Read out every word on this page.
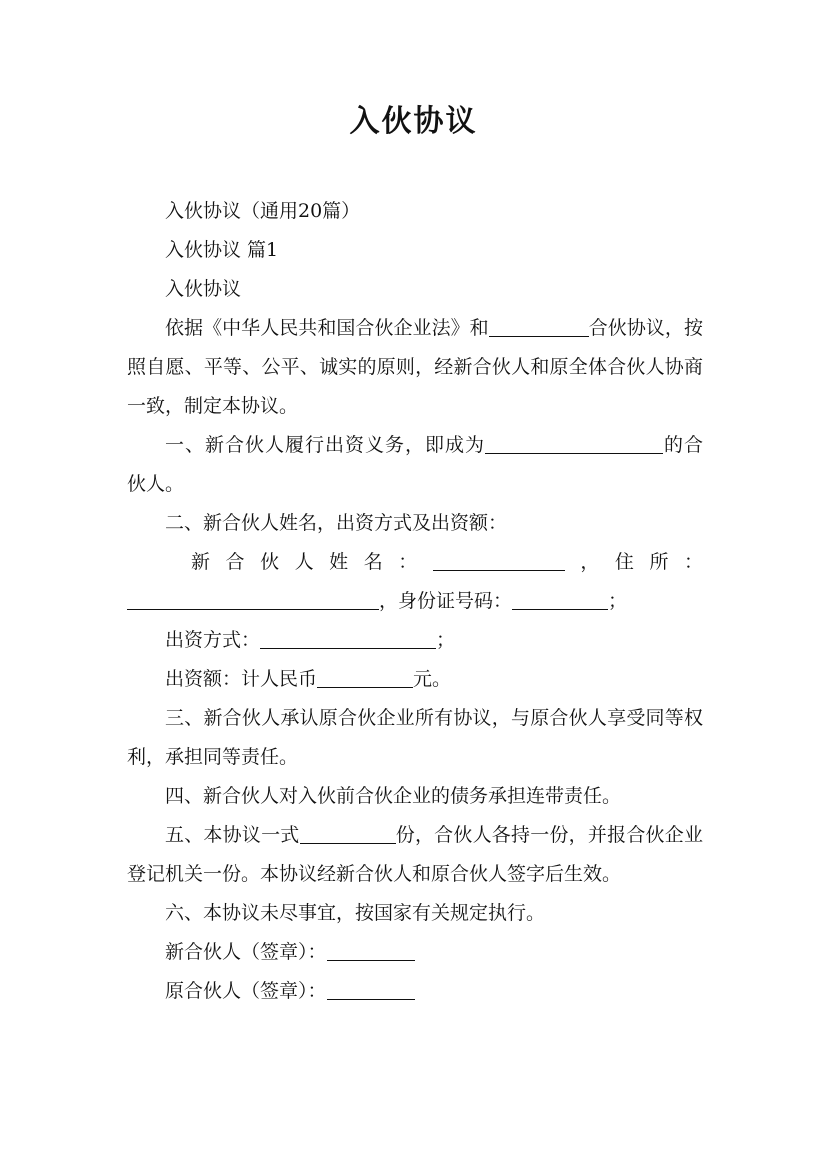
入伙协议

入伙协议（通用20篇）

入伙协议 篇1

入伙协议

依据《中华人民共和国合伙企业法》和	合伙协议，按照自愿、平等、公平、诚实的原则，经新合伙人和原全体合伙人协商一致，制定本协议。

一、新合伙人履行出资义务，即成为	的合伙人。

二、新合伙人姓名，出资方式及出资额：

新合伙人姓名：	，住所：

，身份证号码：	；

出资方式：	；

出资额：计人民币	元。

三、新合伙人承认原合伙企业所有协议，与原合伙人享受同等权利，承担同等责任。

四、新合伙人对入伙前合伙企业的债务承担连带责任。

五、本协议一式	份，合伙人各持一份，并报合伙企业登记机关一份。本协议经新合伙人和原合伙人签字后生效。

六、本协议未尽事宜，按国家有关规定执行。

新合伙人（签章）：

原合伙人（签章）：
